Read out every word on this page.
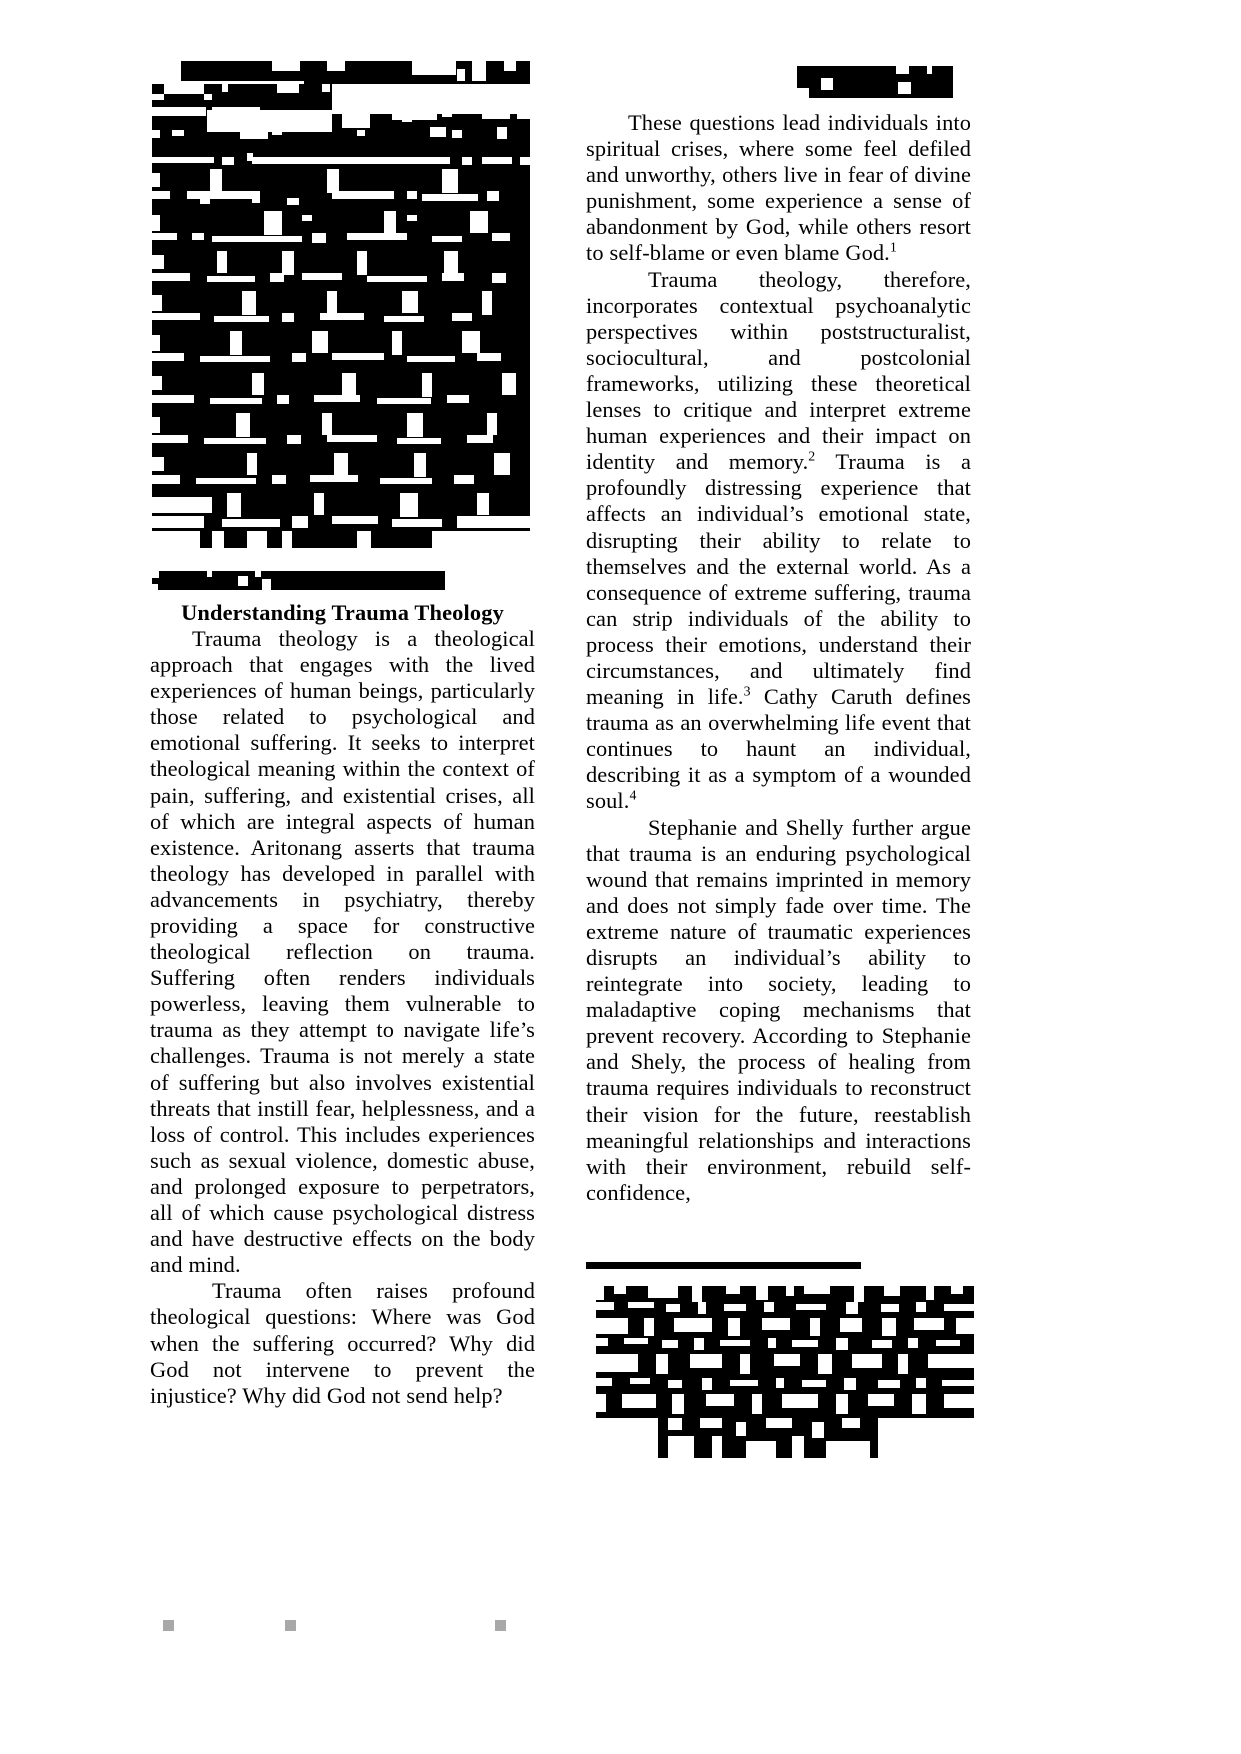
Understanding Trauma Theology

Trauma theology is a theological approach that engages with the lived experiences of human beings, particularly those related to psychological and emotional suffering. It seeks to interpret theological meaning within the context of pain, suffering, and existential crises, all of which are integral aspects of human existence. Aritonang asserts that trauma theology has developed in parallel with advancements in psychiatry, thereby providing a space for constructive theological reflection on trauma. Suffering often renders individuals powerless, leaving them vulnerable to trauma as they attempt to navigate life’s challenges. Trauma is not merely a state of suffering but also involves existential threats that instill fear, helplessness, and a loss of control. This includes experiences such as sexual violence, domestic abuse, and prolonged exposure to perpetrators, all of which cause psychological distress and have destructive effects on the body and mind.

Trauma often raises profound theological questions: Where was God when the suffering occurred? Why did God not intervene to prevent the injustice? Why did God not send help?

These questions lead individuals into spiritual crises, where some feel defiled and unworthy, others live in fear of divine punishment, some experience a sense of abandonment by God, while others resort to self-blame or even blame God.$^1$

Trauma theology, therefore, incorporates contextual psychoanalytic perspectives within poststructuralist, sociocultural, and postcolonial frameworks, utilizing these theoretical lenses to critique and interpret extreme human experiences and their impact on identity and memory.$^2$ Trauma is a profoundly distressing experience that affects an individual’s emotional state, disrupting their ability to relate to themselves and the external world. As a consequence of extreme suffering, trauma can strip individuals of the ability to process their emotions, understand their circumstances, and ultimately find meaning in life.$^3$ Cathy Caruth defines trauma as an overwhelming life event that continues to haunt an individual, describing it as a symptom of a wounded soul.$^4$

Stephanie and Shelly further argue that trauma is an enduring psychological wound that remains imprinted in memory and does not simply fade over time. The extreme nature of traumatic experiences disrupts an individual’s ability to reintegrate into society, leading to maladaptive coping mechanisms that prevent recovery. According to Stephanie and Shely, the process of healing from trauma requires individuals to reconstruct their vision for the future, reestablish meaningful relationships and interactions with their environment, rebuild self-confidence,
